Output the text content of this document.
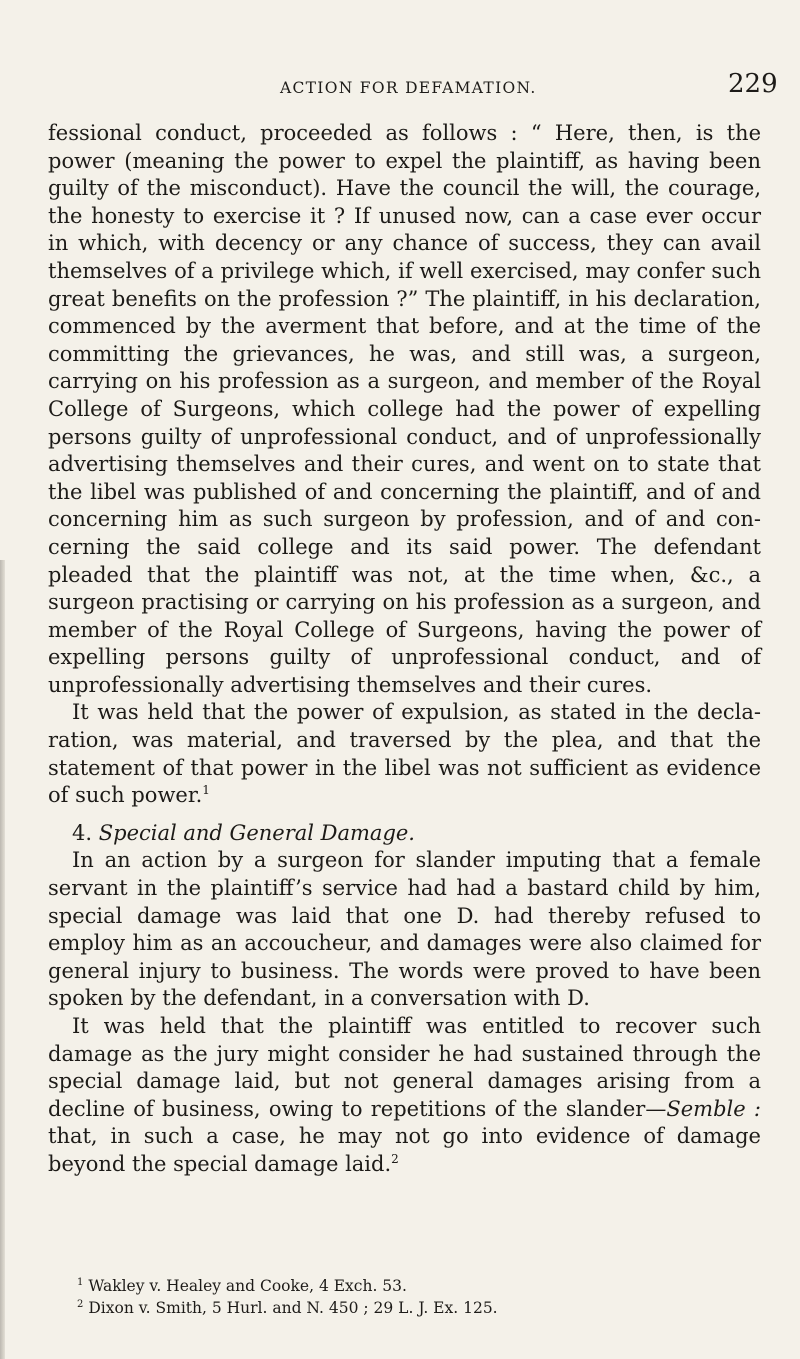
ACTION FOR DEFAMATION.	229

fessional conduct, proceeded as follows : “ Here, then, is the power (meaning the power to expel the plaintiff, as having been guilty of the misconduct). Have the council the will, the courage, the honesty to exercise it ? If unused now, can a case ever occur in which, with decency or any chance of success, they can avail themselves of a privilege which, if well exercised, may confer such great benefits on the profession ?” The plaintiff, in his declaration, commenced by the averment that before, and at the time of the committing the grievances, he was, and still was, a surgeon, carrying on his profession as a surgeon, and member of the Royal College of Surgeons, which college had the power of expelling persons guilty of unprofessional conduct, and of unprofessionally advertising themselves and their cures, and went on to state that the libel was published of and concerning the plaintiff, and of and concerning him as such surgeon by profession, and of and concerning the said college and its said power. The defendant pleaded that the plaintiff was not, at the time when, &c., a surgeon practising or carrying on his profession as a surgeon, and member of the Royal College of Surgeons, having the power of expelling persons guilty of unprofessional conduct, and of unprofessionally advertising themselves and their cures.

It was held that the power of expulsion, as stated in the declaration, was material, and traversed by the plea, and that the statement of that power in the libel was not sufficient as evidence of such power.$^1$

4. Special and General Damage.

In an action by a surgeon for slander imputing that a female servant in the plaintiff’s service had had a bastard child by him, special damage was laid that one D. had thereby refused to employ him as an accoucheur, and damages were also claimed for general injury to business. The words were proved to have been spoken by the defendant, in a conversation with D.

It was held that the plaintiff was entitled to recover such damage as the jury might consider he had sustained through the special damage laid, but not general damages arising from a decline of business, owing to repetitions of the slander—Semble : that, in such a case, he may not go into evidence of damage beyond the special damage laid.$^2$

$^1$ Wakley v. Healey and Cooke, 4 Exch. 53.

$^2$ Dixon v. Smith, 5 Hurl. and N. 450 ; 29 L. J. Ex. 125.
